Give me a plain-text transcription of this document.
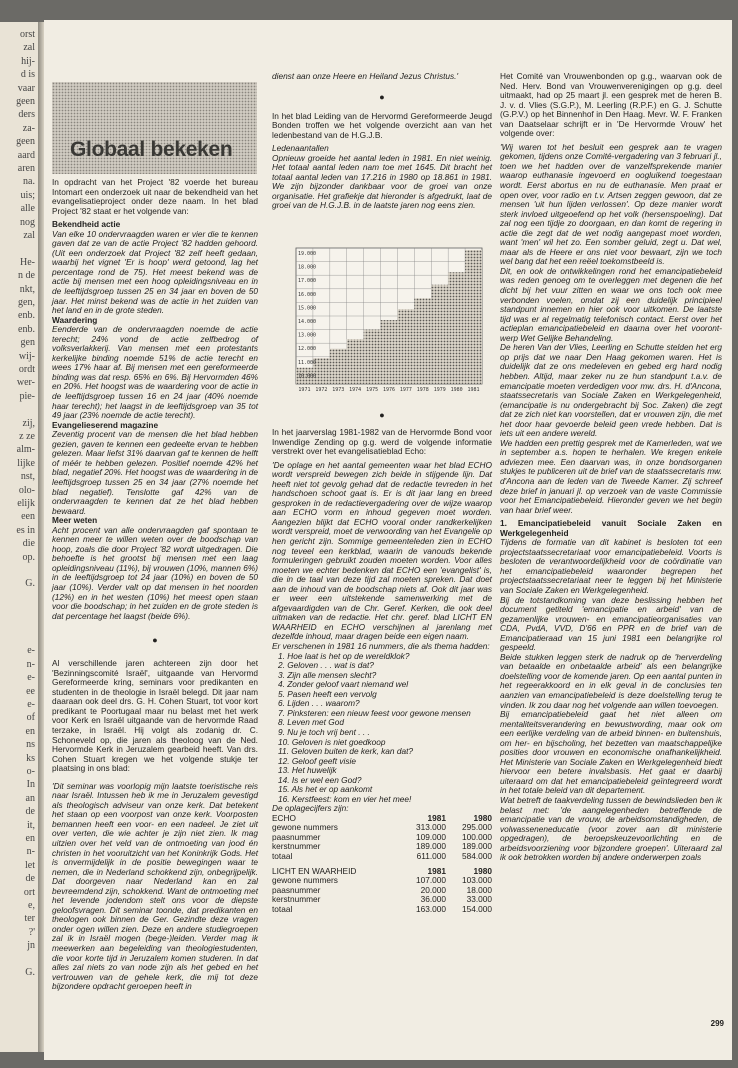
orst
zal
hij-
d is
vaar
geen
ders
za-
geen
aard
aren
na.
uis;
alle
nog
zal
He-
n de
nkt,
gen,
enb.
enb.
gen
wij-
ordt
wer-
pie-
zij,
z ze
alm-
lijke
nst,
olo-
elijk
een
es in
die
op.
G.
e-
n-
e-
ee
e-
of
en
ns
ks
o-
In
an
de
it,
en
n-
let
de
ort
e,
ter
?'
jn
G.
Globaal bekeken

In opdracht van het Project '82 voerde het bureau Intomart een onderzoek uit naar de bekendheid van het evangelisatieproject onder deze naam. In het blad Project '82 staat er het volgende van:

Bekendheid actie

Van elke 10 ondervraagden waren er vier die te kennen gaven dat ze van de actie Project '82 hadden gehoord. (Uit een onderzoek dat Project '82 zelf heeft gedaan, waarbij het vignet 'Er is hoop' werd getoond, lag het percentage rond de 75). Het meest bekend was de actie bij mensen met een hoog opleidingsniveau en in de leeftijdsgroep tussen 25 en 34 jaar en boven de 50 jaar. Het minst bekend was de actie in het zuiden van het land en in de grote steden.

Waardering

Eenderde van de ondervraagden noemde de actie terecht; 24% vond de actie zelfbedrog of volksverlakkerij. Van mensen met een protestants kerkelijke binding noemde 51% de actie terecht en wees 17% haar af. Bij mensen met een gereformeerde binding was dat resp. 65% en 6%. Bij Hervormden 46% en 20%. Het hoogst was de waardering voor de actie in de leeftijdsgroep tussen 16 en 24 jaar (40% noemde haar terecht); het laagst in de leeftijdsgroep van 35 tot 49 jaar (23% noemde de actie terecht).

Evangelieserend magazine

Zeventig procent van de mensen die het blad hebben gezien, gaven te kennen een gedeelte ervan te hebben gelezen. Maar liefst 31% daarvan gaf te kennen de helft of méér te hebben gelezen. Positief noemde 42% het blad, negatief 20%. Het hoogst was de waardering in de leeftijdsgroep tussen 25 en 34 jaar (27% noemde het blad negatief). Tenslotte gaf 42% van de ondervraagden te kennen dat ze het blad hebben bewaard.

Meer weten

Acht procent van alle ondervraagden gaf spontaan te kennen meer te willen weten over de boodschap van hoop, zoals die door Project '82 wordt uitgedragen. Die behoefte is het grootst bij mensen met een laag opleidingsniveau (11%), bij vrouwen (10%, mannen 6%) in de leeftijdsgroep tot 24 jaar (10%) en boven de 50 jaar (10%). Verder valt op dat mensen in het noorden (12%) en in het westen (10%) het meest open staan voor die boodschap; in het zuiden en de grote steden is dat percentage het laagst (beide 6%).

●

Al verschillende jaren achtereen zijn door het 'Bezinningscomité Israël', uitgaande van Hervormd Gereformeerde kring, seminars voor predikanten en studenten in de theologie in Israël belegd. Dit jaar nam daaraan ook deel drs. G. H. Cohen Stuart, tot voor kort predikant te Poortugaal maar nu belast met het werk voor Kerk en Israël uitgaande van de hervormde Raad terzake, in Israël. Hij volgt als zodanig dr. C. Schoneveld op, die jaren als theoloog van de Ned. Hervormde Kerk in Jeruzalem gearbeid heeft. Van drs. Cohen Stuart kregen we het volgende stukje ter plaatsing in ons blad:

'Dit seminar was voorlopig mijn laatste toeristische reis naar Israël. Intussen heb ik me in Jeruzalem gevestigd als theologisch adviseur van onze kerk. Dat betekent het staan op een voorpost van onze kerk. Voorposten bemannen heeft een voor- en een nadeel. Je ziet uit over verten, die wie achter je zijn niet zien. Ik mag uitzien over het veld van de ontmoeting van jood én christen in het vooruitzicht van het Koninkrijk Gods. Het is onvermijdelijk in de positie bewegingen waar te nemen, die in Nederland schokkend zijn, onbegrijpelijk. Dat doorgeven naar Nederland kan en zal bevreemdend zijn, schokkend. Want de ontmoeting met het levende jodendom stelt ons voor de diepste geloofsvragen. Dit seminar toonde, dat predikanten en theologen ook binnen de Ger. Gezindte deze vragen onder ogen willen zien. Deze en andere studiegroepen zal ik in Israël mogen (bege-)leiden. Verder mag ik meewerken aan begeleiding van theologiestudenten, die voor korte tijd in Jeruzalem komen studeren. In dat alles zal niets zo van node zijn als het gebed en het vertrouwen van de gehele kerk, die mij tot deze bijzondere opdracht geroepen heeft in

dienst aan onze Heere en Heiland Jezus Christus.'

●

In het blad Leiding van de Hervormd Gereformeerde Jeugd Bonden troffen we het volgende overzicht aan van het ledenbestand van de H.G.J.B.

Ledenaantallen

Opnieuw groeide het aantal leden in 1981. En niet weinig. Het totaal aantal leden nam toe met 1645. Dit bracht het totaal aantal leden van 17.216 in 1980 op 18.861 in 1981. We zijn bijzonder dankbaar voor de groei van onze organisatie. Het grafiekje dat hieronder is afgedrukt, laat de groei van de H.G.J.B. in de laatste jaren nog eens zien.

10.000
11.000
12.000
13.000
14.000
15.000
16.000
17.000
18.000
19.000
1971 1972 1973 1974 1975 1976 1977 1978 1979 1980 1981
●

In het jaarverslag 1981-1982 van de Hervormde Bond voor Inwendige Zending op g.g. werd de volgende informatie verstrekt over het evangelisatieblad Echo:

'De oplage en het aantal gemeenten waar het blad ECHO wordt verspreid bewegen zich beide in stijgende lijn. Dat heeft niet tot gevolg gehad dat de redactie tevreden in het handschoen schoot gaat is. Er is dit jaar lang en breed gesproken in de redactievergadering over de wijze waarop aan ECHO vorm en inhoud gegeven moet worden. Aangezien blijkt dat ECHO vooral onder randkerkelijken wordt verspreid, moet de verwoording van het Evangelie op hen gericht zijn. Sommige gemeenteleden zien in ECHO nog teveel een kerkblad, waarin de vanouds bekende formuleringen gebruikt zouden moeten worden. Voor alles moeten we echter bedenken dat ECHO een 'evangelist' is, die in de taal van deze tijd zal moeten spreken. Dat doet aan de inhoud van de boodschap niets af. Ook dit jaar was er weer een uitstekende samenwerking met de afgevaardigden van de Chr. Geref. Kerken, die ook deel uitmaken van de redactie. Het chr. geref. blad LICHT EN WAARHEID en ECHO verschijnen al jarenlang met dezelfde inhoud, maar dragen beide een eigen naam.

Er verschenen in 1981 16 nummers, die als thema hadden:

1. Hoe laat is het op de wereldklok?

2. Geloven . . . wat is dat?

3. Zijn alle mensen slecht?

4. Zonder geloof vaart niemand wel

5. Pasen heeft een vervolg

6. Lijden . . . waarom?

7. Pinksteren: een nieuw feest voor gewone mensen

8. Leven met God

9. Nu je toch vrij bent . . .

10. Geloven is niet goedkoop

11. Geloven buiten de kerk, kan dat?

12. Geloof geeft visie

13. Het huwelijk

14. Is er wel een God?

15. Als het er op aankomt

16. Kerstfeest: kom en vier het mee!

De oplagecijfers zijn:

ECHO	1981	1980
gewone nummers	313.000	295.000
paasnummer	109.000	100.000
kerstnummer	189.000	189.000
totaal	611.000	584.000
LICHT EN WAARHEID	1981	1980
gewone nummers	107.000	103.000
paasnummer	20.000	18.000
kerstnummer	36.000	33.000
totaal	163.000	154.000

Het Comité van Vrouwenbonden op g.g., waarvan ook de Ned. Herv. Bond van Vrouwenverenigingen op g.g. deel uitmaakt, had op 25 maart jl. een gesprek met de heren B. J. v. d. Vlies (S.G.P.), M. Leerling (R.P.F.) en G. J. Schutte (G.P.V.) op het Binnenhof in Den Haag. Mevr. W. F. Franken van Daatselaar schrijft er in 'De Hervormde Vrouw' het volgende over:

'Wij waren tot het besluit een gesprek aan te vragen gekomen, tijdens onze Comité-vergadering van 3 februari jl., toen we het hadden over de vanzelfsprekende manier waarop euthanasie ingevoerd en oogluikend toegestaan wordt. Eerst abortus en nu de euthanasie. Men praat er open over, voor radio en t.v. Artsen zeggen gewoon, dat ze mensen 'uit hun lijden verlossen'. Op deze manier wordt sterk invloed uitgeoefend op het volk (hersenspoeling). Dat zal nog een tijdje zo doorgaan, en dan komt de regering in actie die zegt dat de wet nodig aangepast moet worden, want 'men' wil het zo. Een somber geluid, zegt u. Dat wel, maar als de Heere er ons niet voor bewaart, zijn we toch wel bang dat het een reëel toekomstbeeld is.

Dit, en ook de ontwikkelingen rond het emancipatiebeleid was reden genoeg om te overleggen met degenen die het dicht bij het vuur zitten en waar we ons toch ook mee verbonden voelen, omdat zij een duidelijk principieel standpunt innemen en hier ook voor uitkomen. De laatste tijd was er al regelmatig telefonisch contact. Eerst over het actieplan emancipatiebeleid en daarna over het vooront-werp Wet Gelijke Behandeling.

De heren Van der Vlies, Leerling en Schutte stelden het erg op prijs dat we naar Den Haag gekomen waren. Het is duidelijk dat ze ons medeleven en gebed erg hard nodig hebben. Altijd, maar zeker nu ze hun standpunt t.a.v. de emancipatie moeten verdedigen voor mw. drs. H. d'Ancona, staatssecretaris van Sociale Zaken en Werkgelegenheid, (emancipatie is nu ondergebracht bij Soc. Zaken) die zegt dat ze zich niet kan voorstellen, dat er vrouwen zijn, die met het door haar gevoerde beleid geen vrede hebben. Dat is iets uit een andere wereld.

We hadden een prettig gesprek met de Kamerleden, wat we in september a.s. hopen te herhalen. We kregen enkele adviezen mee. Een daarvan was, in onze bondsorganen stukjes te publiceren uit de brief van de staatssecretaris mw. d'Ancona aan de leden van de Tweede Kamer. Zij schreef deze brief in januari jl. op verzoek van de vaste Commissie voor het Emancipatiebeleid. Hieronder geven we het begin van haar brief weer.

1. Emancipatiebeleid vanuit Sociale Zaken en Werkgelegenheid

Tijdens de formatie van dit kabinet is besloten tot een projectstaatssecretariaat voor emancipatiebeleid. Voorts is besloten de verantwoordelijkheid voor de coördinatie van het emancipatiebeleid waaronder begrepen het projectstaatssecretariaat neer te leggen bij het Ministerie van Sociale Zaken en Werkgelegenheid.

Bij de totstandkoming van deze beslissing hebben het document getiteld 'emancipatie en arbeid' van de gezamenlijke vrouwen- en emancipatieorganisaties van CDA, PvdA, VVD, D'66 en PPR en de brief van de Emancipatieraad van 15 juni 1981 een belangrijke rol gespeeld.

Beide stukken leggen sterk de nadruk op de 'herverdeling van betaalde en onbetaalde arbeid' als een belangrijke doelstelling voor de komende jaren. Op een aantal punten in het regeerakkoord en in elk geval in de conclusies ten aanzien van emancipatiebeleid is deze doelstelling terug te vinden. Ik zou daar nog het volgende aan willen toevoegen.

Bij emancipatiebeleid gaat het niet alleen om mentaliteitsverandering en bewustwording, maar ook om een eerlijke verdeling van de arbeid binnen- en buitenshuis, om her- en bijscholing, het bezetten van maatschappelijke posities door vrouwen en economische onafhankelijkheid. Het Ministerie van Sociale Zaken en Werkgelegenheid biedt hiervoor een betere invalsbasis. Het gaat er daarbij uiteraard om dat het emancipatiebeleid geïntegreerd wordt in het totale beleid van dit departement.

Wat betreft de taakverdeling tussen de bewindslieden ben ik belast met: 'de aangelegenheden betreffende de emancipatie van de vrouw, de arbeidsomstandigheden, de volwasseneneducatie (voor zover aan dit ministerie opgedragen), de beroepskeuzevoorlichting en de arbeidsvoorziening voor bijzondere groepen'. Uiteraard zal ik ook betrokken worden bij andere onderwerpen zoals

299
